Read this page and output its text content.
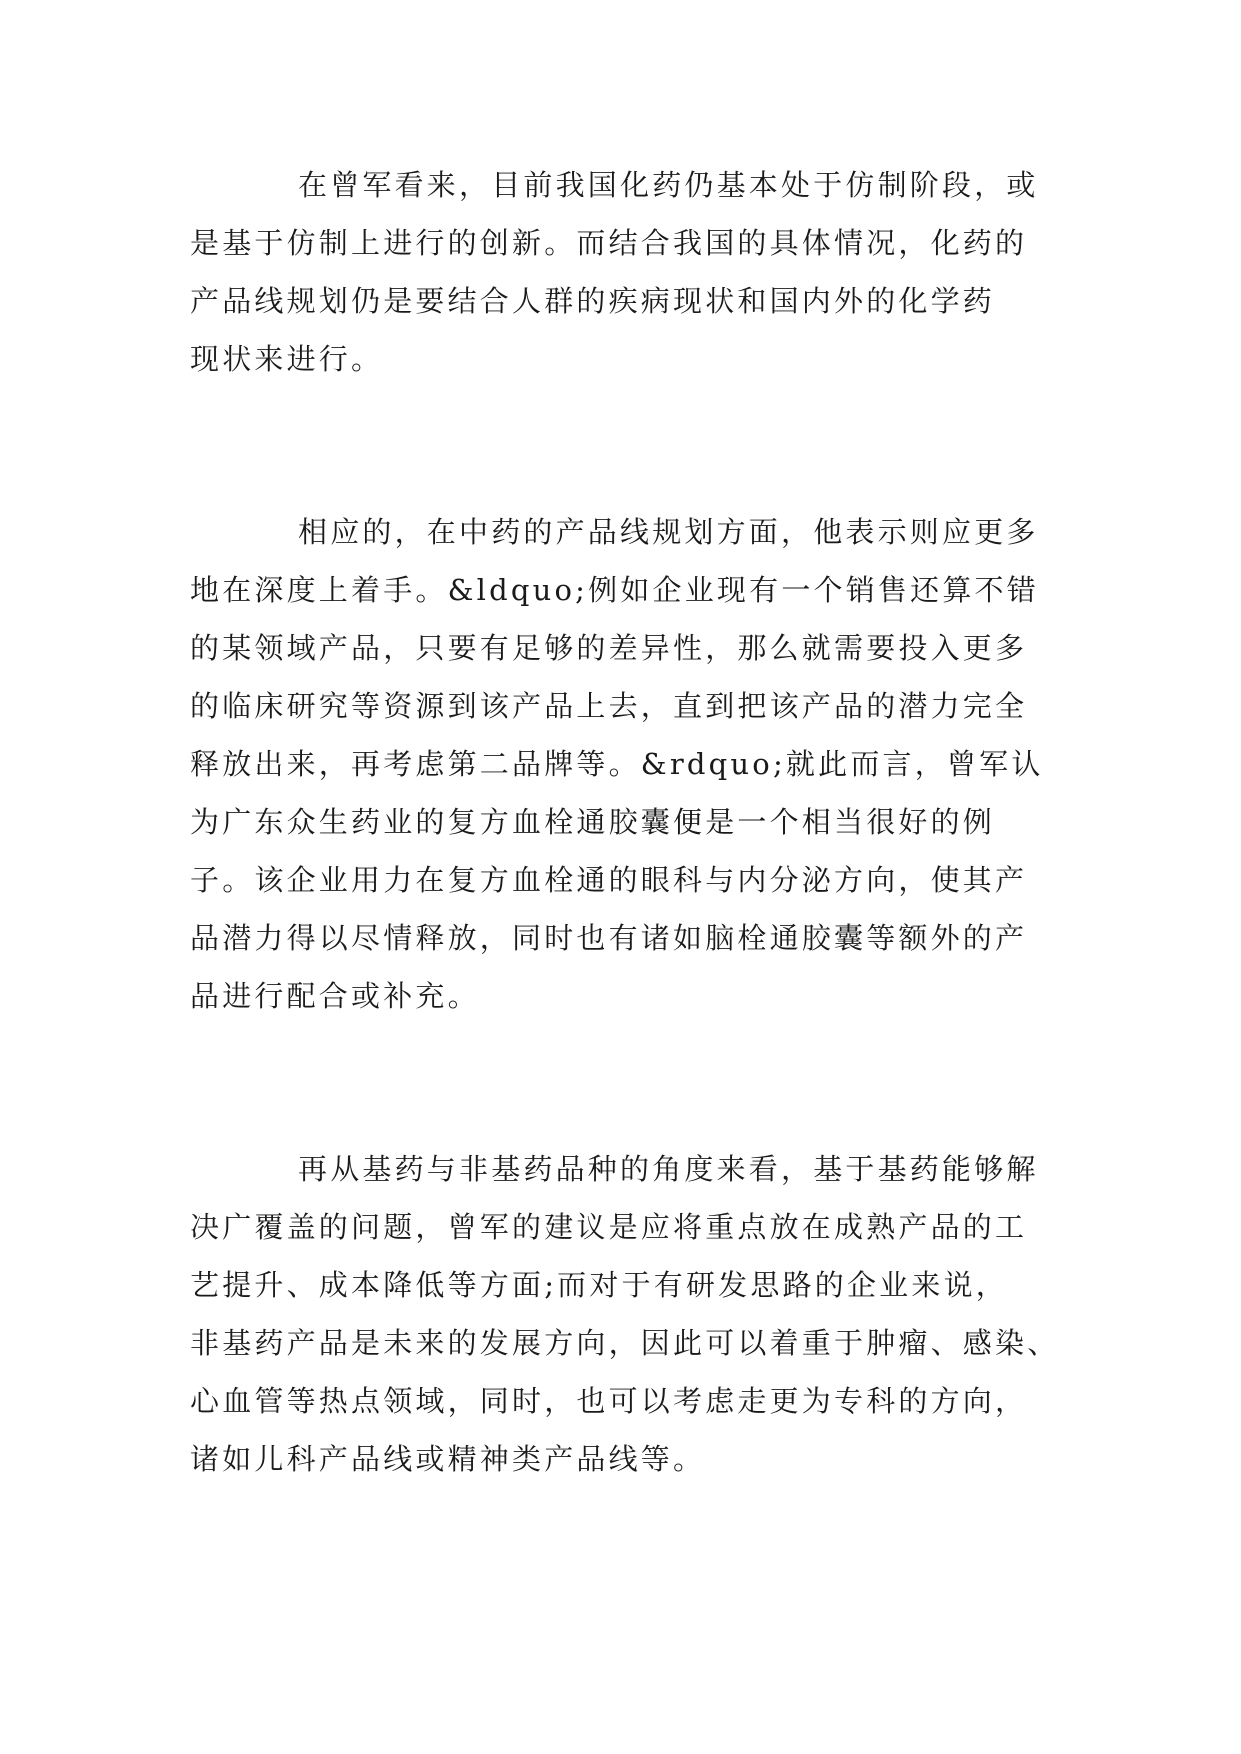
在曾军看来，目前我国化药仍基本处于仿制阶段，或

是基于仿制上进行的创新。而结合我国的具体情况，化药的

产品线规划仍是要结合人群的疾病现状和国内外的化学药

现状来进行。

相应的，在中药的产品线规划方面，他表示则应更多

地在深度上着手。&ldquo;例如企业现有一个销售还算不错

的某领域产品，只要有足够的差异性，那么就需要投入更多

的临床研究等资源到该产品上去，直到把该产品的潜力完全

释放出来，再考虑第二品牌等。&rdquo;就此而言，曾军认

为广东众生药业的复方血栓通胶囊便是一个相当很好的例

子。该企业用力在复方血栓通的眼科与内分泌方向，使其产

品潜力得以尽情释放，同时也有诸如脑栓通胶囊等额外的产

品进行配合或补充。

再从基药与非基药品种的角度来看，基于基药能够解

决广覆盖的问题，曾军的建议是应将重点放在成熟产品的工

艺提升、成本降低等方面;而对于有研发思路的企业来说，

非基药产品是未来的发展方向，因此可以着重于肿瘤、感染、

心血管等热点领域，同时，也可以考虑走更为专科的方向，

诸如儿科产品线或精神类产品线等。
